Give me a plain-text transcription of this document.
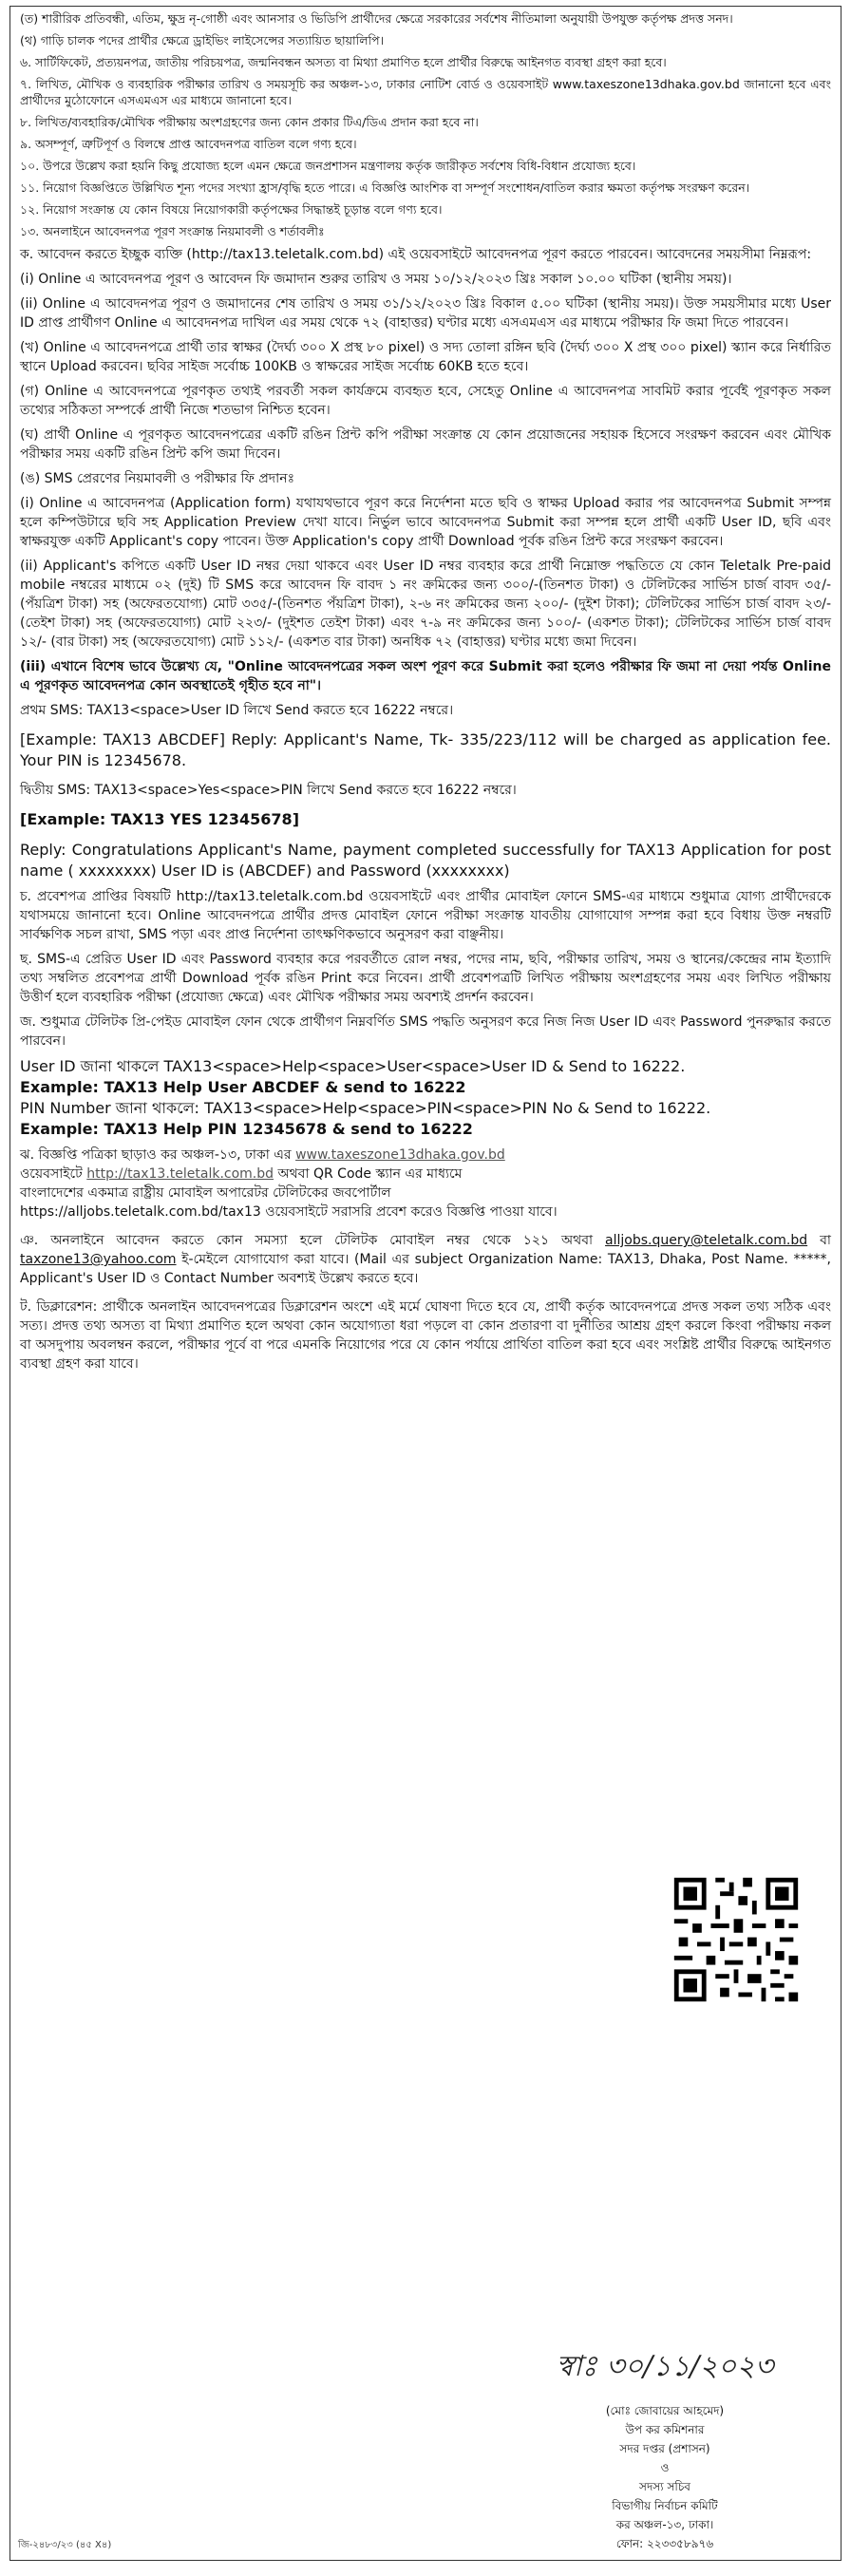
(ত) শারীরিক প্রতিবন্ধী, এতিম, ক্ষুদ্র নৃ-গোষ্ঠী এবং আনসার ও ভিডিপি প্রার্থীদের ক্ষেত্রে সরকারের সর্বশেষ নীতিমালা অনুযায়ী উপযুক্ত কর্তৃপক্ষ প্রদত্ত সনদ।

(থ) গাড়ি চালক পদের প্রার্থীর ক্ষেত্রে ড্রাইভিং লাইসেন্সের সত্যায়িত ছায়ালিপি।

৬. সার্টিফিকেট, প্রত্যয়নপত্র, জাতীয় পরিচয়পত্র, জন্মনিবন্ধন অসত্য বা মিথ্যা প্রমাণিত হলে প্রার্থীর বিরুদ্ধে আইনগত ব্যবস্থা গ্রহণ করা হবে।

৭. লিখিত, মৌখিক ও ব্যবহারিক পরীক্ষার তারিখ ও সময়সূচি কর অঞ্চল-১৩, ঢাকার নোটিশ বোর্ড ও ওয়েবসাইট www.taxeszone13dhaka.gov.bd জানানো হবে এবং প্রার্থীদের মুঠোফোনে এসএমএস এর মাধ্যমে জানানো হবে।

৮. লিখিত/ব্যবহারিক/মৌখিক পরীক্ষায় অংশগ্রহণের জন্য কোন প্রকার টিএ/ডিএ প্রদান করা হবে না।

৯. অসম্পূর্ণ, ত্রুটিপূর্ণ ও বিলম্বে প্রাপ্ত আবেদনপত্র বাতিল বলে গণ্য হবে।

১০. উপরে উল্লেখ করা হয়নি কিছু প্রযোজ্য হলে এমন ক্ষেত্রে জনপ্রশাসন মন্ত্রণালয় কর্তৃক জারীকৃত সর্বশেষ বিধি-বিধান প্রযোজ্য হবে।

১১. নিয়োগ বিজ্ঞপ্তিতে উল্লিখিত শূন্য পদের সংখ্যা হ্রাস/বৃদ্ধি হতে পারে। এ বিজ্ঞপ্তি আংশিক বা সম্পূর্ণ সংশোধন/বাতিল করার ক্ষমতা কর্তৃপক্ষ সংরক্ষণ করেন।

১২. নিয়োগ সংক্রান্ত যে কোন বিষয়ে নিয়োগকারী কর্তৃপক্ষের সিদ্ধান্তই চূড়ান্ত বলে গণ্য হবে।

১৩. অনলাইনে আবেদনপত্র পূরণ সংক্রান্ত নিয়মাবলী ও শর্তাবলীঃ

ক. আবেদন করতে ইচ্ছুক ব্যক্তি (http://tax13.teletalk.com.bd) এই ওয়েবসাইটে আবেদনপত্র পূরণ করতে পারবেন। আবেদনের সময়সীমা নিম্নরূপ:

(i) Online এ আবেদনপত্র পূরণ ও আবেদন ফি জমাদান শুরুর তারিখ ও সময় ১০/১২/২০২৩ খ্রিঃ সকাল ১০.০০ ঘটিকা (স্থানীয় সময়)।

(ii) Online এ আবেদনপত্র পূরণ ও জমাদানের শেষ তারিখ ও সময় ৩১/১২/২০২৩ খ্রিঃ বিকাল ৫.০০ ঘটিকা (স্থানীয় সময়)। উক্ত সময়সীমার মধ্যে User ID প্রাপ্ত প্রার্থীগণ Online এ আবেদনপত্র দাখিল এর সময় থেকে ৭২ (বাহাত্তর) ঘণ্টার মধ্যে এসএমএস এর মাধ্যমে পরীক্ষার ফি জমা দিতে পারবেন।

(খ) Online এ আবেদনপত্রে প্রার্থী তার স্বাক্ষর (দৈর্ঘ্য ৩০০ X প্রস্থ ৮০ pixel) ও সদ্য তোলা রঙ্গিন ছবি (দৈর্ঘ্য ৩০০ X প্রস্থ ৩০০ pixel) স্ক্যান করে নির্ধারিত স্থানে Upload করবেন। ছবির সাইজ সর্বোচ্চ 100KB ও স্বাক্ষরের সাইজ সর্বোচ্চ 60KB হতে হবে।

(গ) Online এ আবেদনপত্রে পূরণকৃত তথ্যই পরবর্তী সকল কার্যক্রমে ব্যবহৃত হবে, সেহেতু Online এ আবেদনপত্র সাবমিট করার পূর্বেই পূরণকৃত সকল তথ্যের সঠিকতা সম্পর্কে প্রার্থী নিজে শতভাগ নিশ্চিত হবেন।

(ঘ) প্রার্থী Online এ পূরণকৃত আবেদনপত্রের একটি রঙিন প্রিন্ট কপি পরীক্ষা সংক্রান্ত যে কোন প্রয়োজনের সহায়ক হিসেবে সংরক্ষণ করবেন এবং মৌখিক পরীক্ষার সময় একটি রঙিন প্রিন্ট কপি জমা দিবেন।

(ঙ) SMS প্রেরণের নিয়মাবলী ও পরীক্ষার ফি প্রদানঃ

(i) Online এ আবেদনপত্র (Application form) যথাযথভাবে পূরণ করে নির্দেশনা মতে ছবি ও স্বাক্ষর Upload করার পর আবেদনপত্র Submit সম্পন্ন হলে কম্পিউটারে ছবি সহ Application Preview দেখা যাবে। নির্ভুল ভাবে আবেদনপত্র Submit করা সম্পন্ন হলে প্রার্থী একটি User ID, ছবি এবং স্বাক্ষরযুক্ত একটি Applicant's copy পাবেন। উক্ত Application's copy প্রার্থী Download পূর্বক রঙিন প্রিন্ট করে সংরক্ষণ করবেন।

(ii) Applicant's কপিতে একটি User ID নম্বর দেয়া থাকবে এবং User ID নম্বর ব্যবহার করে প্রার্থী নিম্নোক্ত পদ্ধতিতে যে কোন Teletalk Pre-paid mobile নম্বরের মাধ্যমে ০২ (দুই) টি SMS করে আবেদন ফি বাবদ ১ নং ক্রমিকের জন্য ৩০০/-(তিনশত টাকা) ও টেলিটকের সার্ভিস চার্জ বাবদ ৩৫/-(পঁয়ত্রিশ টাকা) সহ (অফেরতযোগ্য) মোট ৩৩৫/-(তিনশত পঁয়ত্রিশ টাকা), ২-৬ নং ক্রমিকের জন্য ২০০/- (দুইশ টাকা); টেলিটকের সার্ভিস চার্জ বাবদ ২৩/- (তেইশ টাকা) সহ (অফেরতযোগ্য) মোট ২২৩/- (দুইশত তেইশ টাকা) এবং ৭-৯ নং ক্রমিকের জন্য ১০০/- (একশত টাকা); টেলিটকের সার্ভিস চার্জ বাবদ ১২/- (বার টাকা) সহ (অফেরতযোগ্য) মোট ১১২/- (একশত বার টাকা) অনধিক ৭২ (বাহাত্তর) ঘণ্টার মধ্যে জমা দিবেন।

(iii) এখানে বিশেষ ভাবে উল্লেখ্য যে, "Online আবেদনপত্রের সকল অংশ পূরণ করে Submit করা হলেও পরীক্ষার ফি জমা না দেয়া পর্যন্ত Online এ পূরণকৃত আবেদনপত্র কোন অবস্থাতেই গৃহীত হবে না"।

প্রথম SMS: TAX13<space>User ID লিখে Send করতে হবে 16222 নম্বরে।

[Example: TAX13 ABCDEF] Reply: Applicant's Name, Tk- 335/223/112 will be charged as application fee. Your PIN is 12345678.

দ্বিতীয় SMS: TAX13<space>Yes<space>PIN লিখে Send করতে হবে 16222 নম্বরে।

[Example: TAX13 YES 12345678]

Reply: Congratulations Applicant's Name, payment completed successfully for TAX13 Application for post name ( xxxxxxxx) User ID is (ABCDEF) and Password (xxxxxxxx)

চ. প্রবেশপত্র প্রাপ্তির বিষয়টি http://tax13.teletalk.com.bd ওয়েবসাইটে এবং প্রার্থীর মোবাইল ফোনে SMS-এর মাধ্যমে শুধুমাত্র যোগ্য প্রার্থীদেরকে যথাসময়ে জানানো হবে। Online আবেদনপত্রে প্রার্থীর প্রদত্ত মোবাইল ফোনে পরীক্ষা সংক্রান্ত যাবতীয় যোগাযোগ সম্পন্ন করা হবে বিধায় উক্ত নম্বরটি সার্বক্ষণিক সচল রাখা, SMS পড়া এবং প্রাপ্ত নির্দেশনা তাৎক্ষণিকভাবে অনুসরণ করা বাঞ্ছনীয়।

ছ. SMS-এ প্রেরিত User ID এবং Password ব্যবহার করে পরবর্তীতে রোল নম্বর, পদের নাম, ছবি, পরীক্ষার তারিখ, সময় ও স্থানের/কেন্দ্রের নাম ইত্যাদি তথ্য সম্বলিত প্রবেশপত্র প্রার্থী Download পূর্বক রঙিন Print করে নিবেন। প্রার্থী প্রবেশপত্রটি লিখিত পরীক্ষায় অংশগ্রহণের সময় এবং লিখিত পরীক্ষায় উত্তীর্ণ হলে ব্যবহারিক পরীক্ষা (প্রযোজ্য ক্ষেত্রে) এবং মৌখিক পরীক্ষার সময় অবশ্যই প্রদর্শন করবেন।

জ. শুধুমাত্র টেলিটক প্রি-পেইড মোবাইল ফোন থেকে প্রার্থীগণ নিম্নবর্ণিত SMS পদ্ধতি অনুসরণ করে নিজ নিজ User ID এবং Password পুনরুদ্ধার করতে পারবেন।

User ID জানা থাকলে TAX13<space>Help<space>User<space>User ID & Send to 16222.

Example: TAX13 Help User ABCDEF & send to 16222

PIN Number জানা থাকলে: TAX13<space>Help<space>PIN<space>PIN No & Send to 16222.

Example: TAX13 Help PIN 12345678 & send to 16222

ঝ. বিজ্ঞপ্তি পত্রিকা ছাড়াও কর অঞ্চল-১৩, ঢাকা এর www.taxeszone13dhaka.gov.bd

ওয়েবসাইটে http://tax13.teletalk.com.bd অথবা QR Code স্ক্যান এর মাধ্যমে

বাংলাদেশের একমাত্র রাষ্ট্রীয় মোবাইল অপারেটর টেলিটকের জবপোর্টাল

https://alljobs.teletalk.com.bd/tax13 ওয়েবসাইটে সরাসরি প্রবেশ করেও বিজ্ঞপ্তি পাওয়া যাবে।

ঞ. অনলাইনে আবেদন করতে কোন সমস্যা হলে টেলিটক মোবাইল নম্বর থেকে ১২১ অথবা alljobs.query@teletalk.com.bd বা taxzone13@yahoo.com ই-মেইলে যোগাযোগ করা যাবে। (Mail এর subject Organization Name: TAX13, Dhaka, Post Name. *****, Applicant's User ID ও Contact Number অবশ্যই উল্লেখ করতে হবে।

ট. ডিক্লারেশন: প্রার্থীকে অনলাইন আবেদনপত্রের ডিক্লারেশন অংশে এই মর্মে ঘোষণা দিতে হবে যে, প্রার্থী কর্তৃক আবেদনপত্রে প্রদত্ত সকল তথ্য সঠিক এবং সত্য। প্রদত্ত তথ্য অসত্য বা মিথ্যা প্রমাণিত হলে অথবা কোন অযোগ্যতা ধরা পড়লে বা কোন প্রতারণা বা দুর্নীতির আশ্রয় গ্রহণ করলে কিংবা পরীক্ষায় নকল বা অসদুপায় অবলম্বন করলে, পরীক্ষার পূর্বে বা পরে এমনকি নিয়োগের পরে যে কোন পর্যায়ে প্রার্থিতা বাতিল করা হবে এবং সংশ্লিষ্ট প্রার্থীর বিরুদ্ধে আইনগত ব্যবস্থা গ্রহণ করা যাবে।

স্বাঃ ৩০/১১/২০২৩
(মোঃ জোবায়ের আহমেদ)
উপ কর কমিশনার
সদর দপ্তর (প্রশাসন)
ও
সদস্য সচিব
বিভাগীয় নির্বাচন কমিটি
কর অঞ্চল-১৩, ঢাকা।
ফোন: ২২৩৩৫৮৯৭৬
জি-২৪৮৩/২৩ (৪৫ X৪)
